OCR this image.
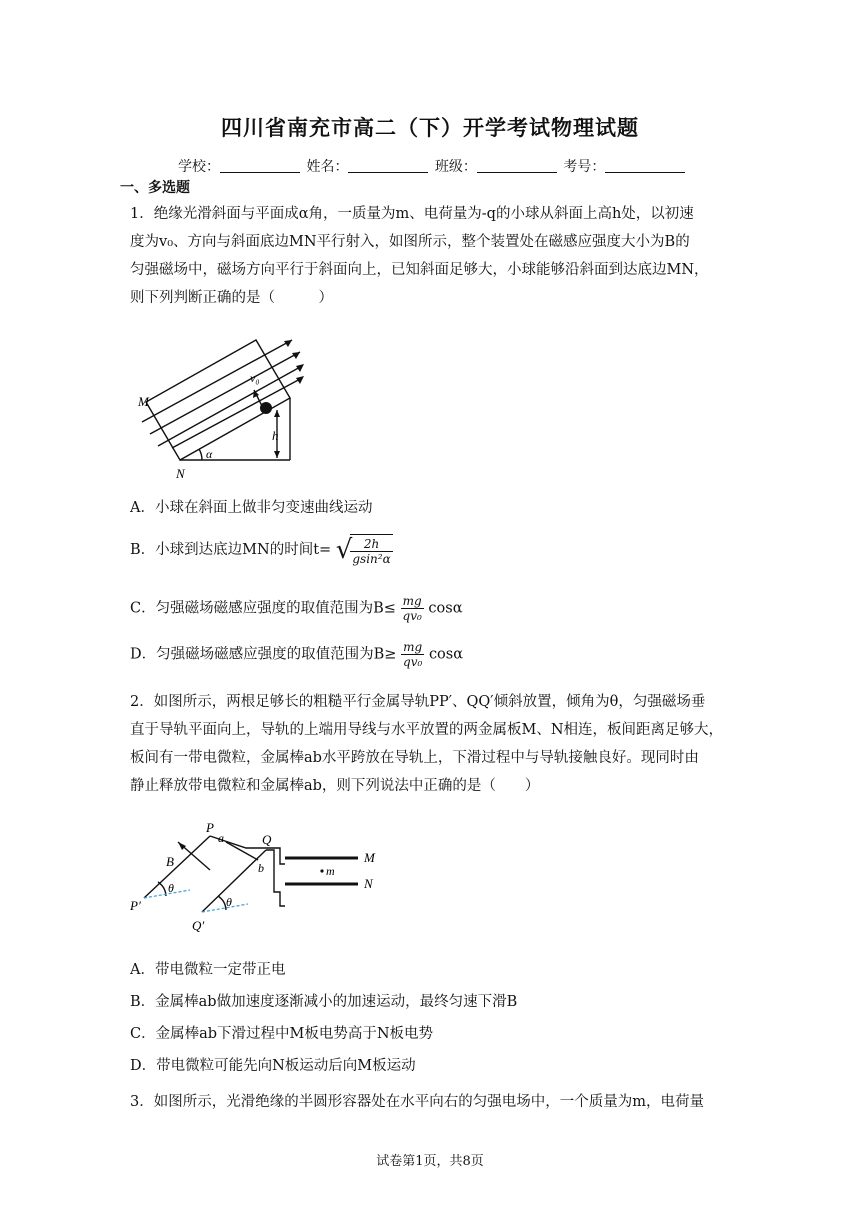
四川省南充市高二（下）开学考试物理试题
学校：	姓名：	班级：	考号：
一、多选题
1．绝缘光滑斜面与平面成α角，一质量为m、电荷量为-q的小球从斜面上高h处，以初速
度为v₀、方向与斜面底边MN平行射入，如图所示，整个装置处在磁感应强度大小为B的
匀强磁场中，磁场方向平行于斜面向上，已知斜面足够大，小球能够沿斜面到达底边MN，
则下列判断正确的是（　　　）
M
N
v₀
h
α
A．小球在斜面上做非匀变速曲线运动
B．小球到达底边MN的时间t= √
$\frac{2h}{\text{gsin²α}}$
C．匀强磁场磁感应强度的取值范围为$B\le \frac{mg}{\text{qv₀}}$ cosα
D．匀强磁场磁感应强度的取值范围为$B\ge \frac{mg}{\text{qv₀}}$ cosα
2．如图所示，两根足够长的粗糙平行金属导轨PP′、QQ′倾斜放置，倾角为θ，匀强磁场垂
直于导轨平面向上，导轨的上端用导线与水平放置的两金属板M、N相连，板间距离足够大，
板间有一带电微粒，金属棒ab水平跨放在导轨上，下滑过程中与导轨接触良好。现同时由
静止释放带电微粒和金属棒ab，则下列说法中正确的是（　　）
P
Q
a
b
B
θ
θ
P′
Q′
M
N
m
A．带电微粒一定带正电
B．金属棒ab做加速度逐渐减小的加速运动，最终匀速下滑B
C．金属棒ab下滑过程中M板电势高于N板电势
D．带电微粒可能先向N板运动后向M板运动
3．如图所示，光滑绝缘的半圆形容器处在水平向右的匀强电场中，一个质量为m，电荷量
试卷第1页，共8页
